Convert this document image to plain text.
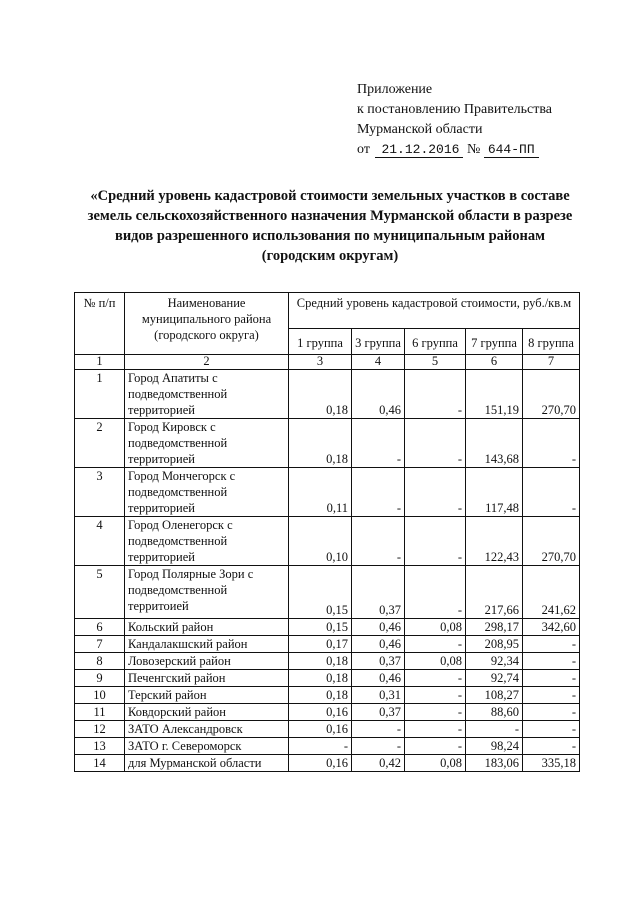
Приложение
к постановлению Правительства
Мурманской области
от 21.12.2016 № 644-ПП
«Средний уровень кадастровой стоимости земельных участков в составе
земель сельскохозяйственного назначения Мурманской области в разрезе
видов разрешенного использования по муниципальным районам
(городским округам)
№ п/п	Наименование муниципального района (городского округа)	Средний уровень кадастровой стоимости, руб./кв.м				
		1 группа	3 группа	6 группа	7 группа	8 группа
1	2	3	4	5	6	7
1	Город Апатиты с подведомственной территорией	0,18	0,46	-	151,19	270,70
2	Город Кировск с подведомственной территорией	0,18	-	-	143,68	-
3	Город Мончегорск с подведомственной территорией	0,11	-	-	117,48	-
4	Город Оленегорск с подведомственной территорией	0,10	-	-	122,43	270,70
5	Город Полярные Зори с подведомственной территоией	0,15	0,37	-	217,66	241,62
6	Кольский район	0,15	0,46	0,08	298,17	342,60
7	Кандалакшский район	0,17	0,46	-	208,95	-
8	Ловозерский район	0,18	0,37	0,08	92,34	-
9	Печенгский район	0,18	0,46	-	92,74	-
10	Терский район	0,18	0,31	-	108,27	-
11	Ковдорский район	0,16	0,37	-	88,60	-
12	ЗАТО Александровск	0,16	-	-	-	-
13	ЗАТО г. Североморск	-	-	-	98,24	-
14	для Мурманской области	0,16	0,42	0,08	183,06	335,18
